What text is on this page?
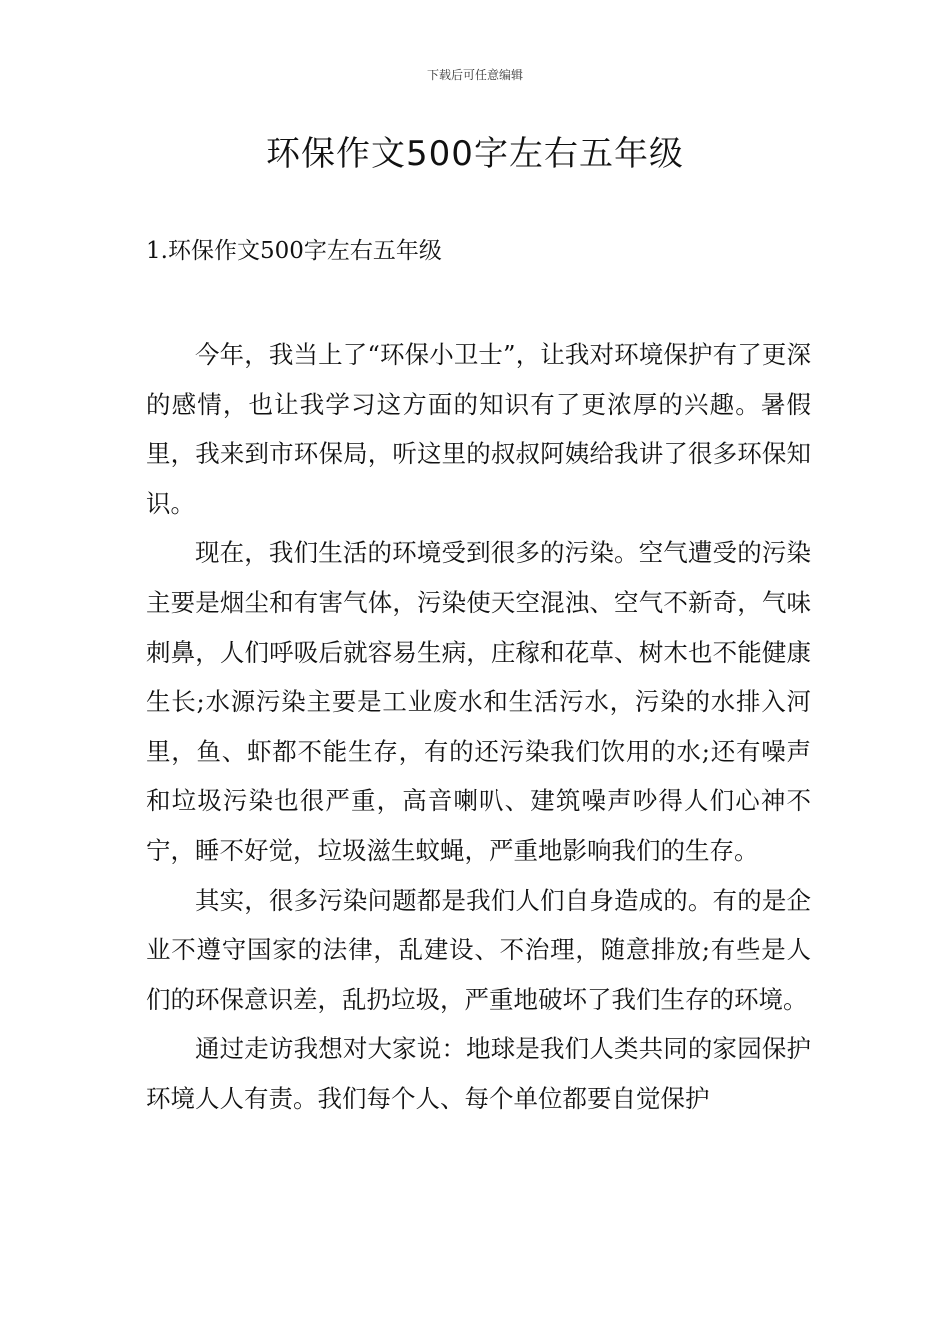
下载后可任意编辑
环保作文500字左右五年级
1.环保作文500字左右五年级

今年，我当上了“环保小卫士”，让我对环境保护有了更深的感情，也让我学习这方面的知识有了更浓厚的兴趣。暑假里，我来到市环保局，听这里的叔叔阿姨给我讲了很多环保知识。

现在，我们生活的环境受到很多的污染。空气遭受的污染主要是烟尘和有害气体，污染使天空混浊、空气不新奇，气味刺鼻，人们呼吸后就容易生病，庄稼和花草、树木也不能健康生长;水源污染主要是工业废水和生活污水，污染的水排入河里，鱼、虾都不能生存，有的还污染我们饮用的水;还有噪声和垃圾污染也很严重，高音喇叭、建筑噪声吵得人们心神不宁，睡不好觉，垃圾滋生蚊蝇，严重地影响我们的生存。

其实，很多污染问题都是我们人们自身造成的。有的是企业不遵守国家的法律，乱建设、不治理，随意排放;有些是人们的环保意识差，乱扔垃圾，严重地破坏了我们生存的环境。

通过走访我想对大家说：地球是我们人类共同的家园保护环境人人有责。我们每个人、每个单位都要自觉保护
